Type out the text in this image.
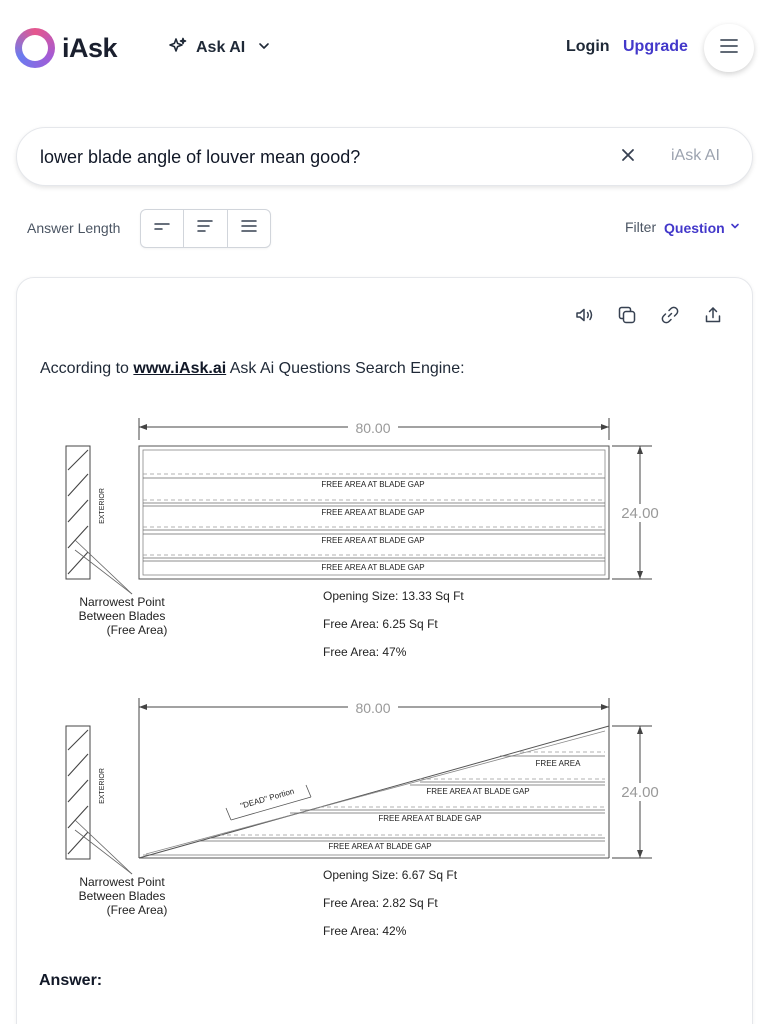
iAsk	Ask AI	Login Upgrade
lower blade angle of louver mean good?
iAsk AI
Answer Length	Filter Question
According to www.iAsk.ai Ask Ai Questions Search Engine:
80.00
FREE AREA AT BLADE GAP
FREE AREA AT BLADE GAP
FREE AREA AT BLADE GAP
FREE AREA AT BLADE GAP
24.00
EXTERIOR
Narrowest Point
Between Blades
(Free Area)
Opening Size: 13.33 Sq Ft
Free Area: 6.25 Sq Ft
Free Area: 47%
80.00
FREE AREA
FREE AREA AT BLADE GAP
FREE AREA AT BLADE GAP
FREE AREA AT BLADE GAP
"DEAD" Portion	24.00
EXTERIOR
Narrowest Point
Between Blades
(Free Area)
Opening Size: 6.67 Sq Ft
Free Area: 2.82 Sq Ft
Free Area: 42%
Answer:
